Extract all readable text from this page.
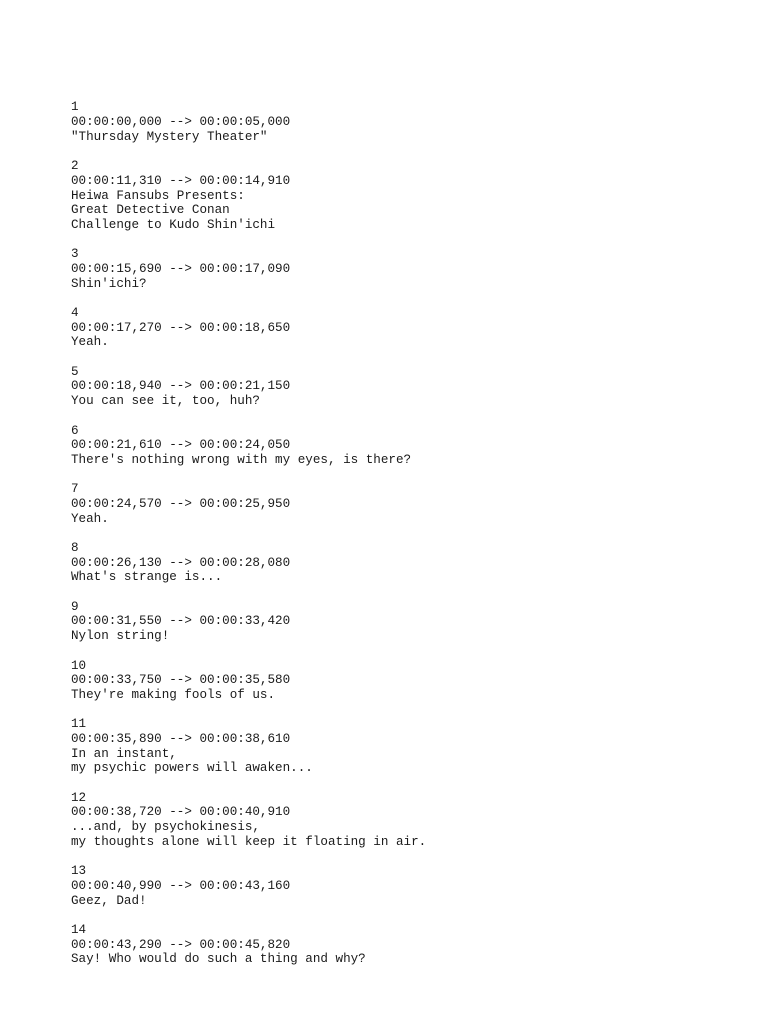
1
00:00:00,000 --> 00:00:05,000
"Thursday Mystery Theater"
2
00:00:11,310 --> 00:00:14,910
Heiwa Fansubs Presents:
Great Detective Conan
Challenge to Kudo Shin'ichi
3
00:00:15,690 --> 00:00:17,090
Shin'ichi?
4
00:00:17,270 --> 00:00:18,650
Yeah.
5
00:00:18,940 --> 00:00:21,150
You can see it, too, huh?
6
00:00:21,610 --> 00:00:24,050
There's nothing wrong with my eyes, is there?
7
00:00:24,570 --> 00:00:25,950
Yeah.
8
00:00:26,130 --> 00:00:28,080
What's strange is...
9
00:00:31,550 --> 00:00:33,420
Nylon string!
10
00:00:33,750 --> 00:00:35,580
They're making fools of us.
11
00:00:35,890 --> 00:00:38,610
In an instant,
my psychic powers will awaken...
12
00:00:38,720 --> 00:00:40,910
...and, by psychokinesis,
my thoughts alone will keep it floating in air.
13
00:00:40,990 --> 00:00:43,160
Geez, Dad!
14
00:00:43,290 --> 00:00:45,820
Say! Who would do such a thing and why?
